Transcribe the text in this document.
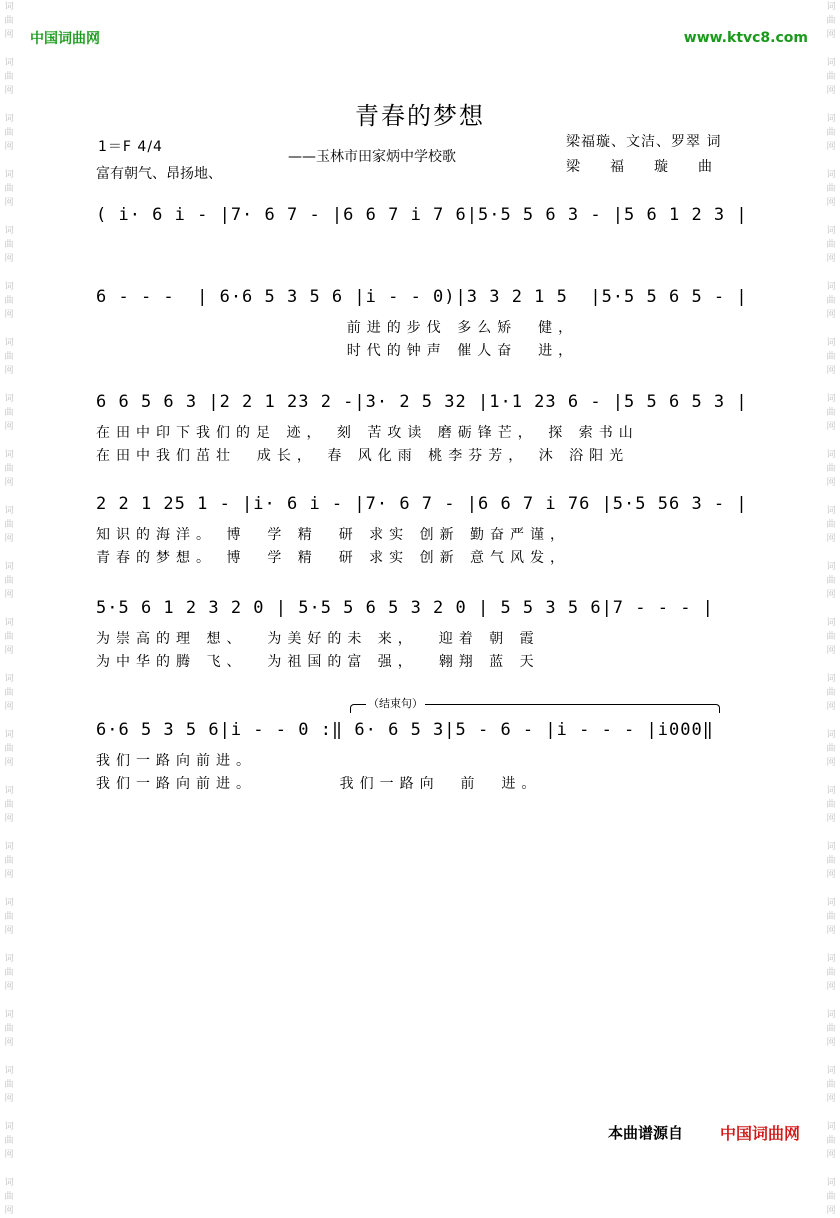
词
曲
网

词
曲
网

词
曲
网

词
曲
网

词
曲
网

词
曲
网

词
曲
网

词
曲
网

词
曲
网

词
曲
网

词
曲
网

词
曲
网

词
曲
网

词
曲
网

词
曲
网

词
曲
网

词
曲
网

词
曲
网

词
曲
网

词
曲
网

词
曲
网

词
曲
网

词
曲
网

词
曲
网

词
曲
网

词
曲
网

词
曲
网

词
曲
网

词
曲
网

词
曲
网

词
曲
网

词
曲
网

词
曲
网

词
曲
网

词
曲
网

词
曲
网

词
曲
网

词
曲
网

词
曲
网

词
曲
网

词
曲
网

词
曲
网

词
曲
网

词
曲
网

中国词曲网	www.ktvc8.com
青春的梦想
1＝F 4/4
富有朝气、昂扬地、
——玉林市田家炳中学校歌
梁福璇、文洁、罗翠 词
梁福璇曲
( i· 6 i - |7· 6 7 - |6 6 7 i 7 6|5·5 5 6 3 - |5 6 1 2 3 |
6 - - -  | 6·6 5 3 5 6 |i - - 0)|3 3 2 1 5  |5·5 5 6 5 - |
前进的步伐 多么矫  健，
时代的钟声 催人奋  进，
6 6 5 6 3 |2 2 1 23 2 -|3· 2 5 32 |1·1 23 6 - |5 5 6 5 3 |
在田中印下我们的足 迹， 刻 苦攻读 磨砺锋芒， 探 索书山
在田中我们茁壮  成长， 春 风化雨 桃李芬芳， 沐 浴阳光
2 2 1 25 1 - |i· 6 i - |7· 6 7 - |6 6 7 i 76 |5·5 56 3 - |
知识的海洋。 博  学 精  研 求实 创新 勤奋严谨，
青春的梦想。 博  学 精  研 求实 创新 意气风发，
5·5 6 1 2 3 2 0 | 5·5 5 6 5 3 2 0 | 5 5 3 5 6|7 - - - |
为崇高的理 想、  为美好的未 来，  迎着 朝 霞
为中华的腾 飞、  为祖国的富 强，  翱翔 蓝 天
（结束句）
6·6 5 3 5 6|i - - 0 :‖ 6· 6 5 3|5 - 6 - |i - - - |i000‖
我们一路向前进。
我们一路向前进。        我们一路向  前  进。
本曲谱源自 中国词曲网
